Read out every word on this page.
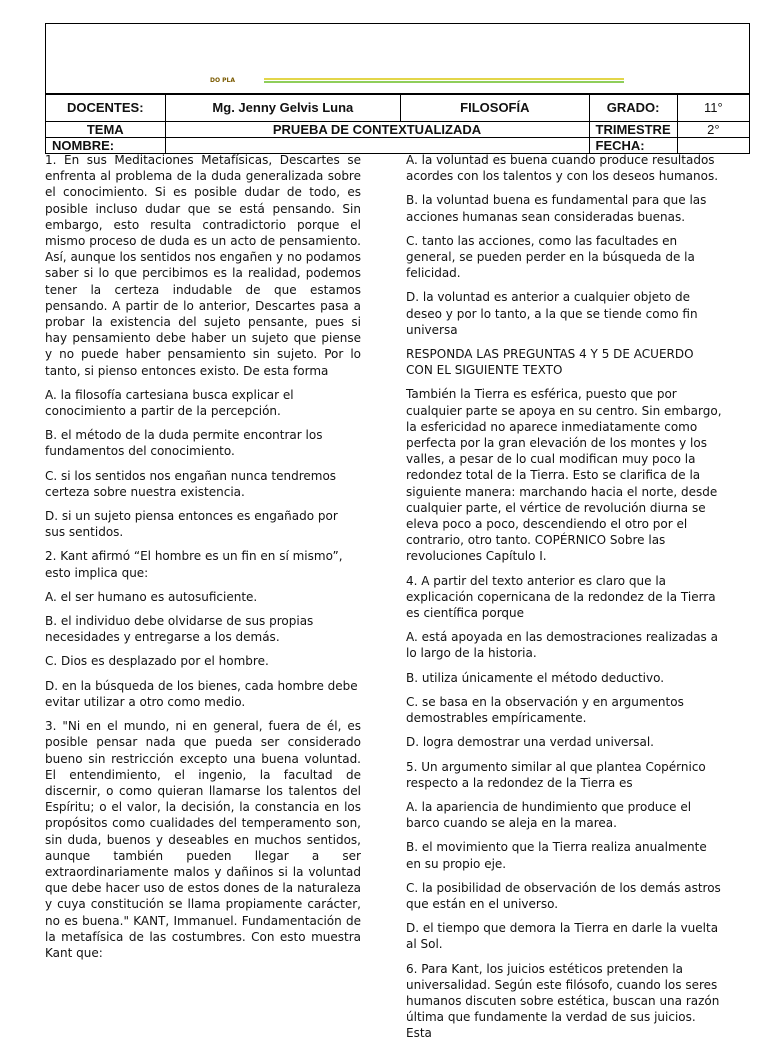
DO PLA
DOCENTES:	Mg. Jenny Gelvis Luna	FILOSOFÍA	GRADO:	11°
TEMA	PRUEBA DE CONTEXTUALIZADA		TRIMESTRE	2°
NOMBRE:			FECHA:	

1. En sus Meditaciones Metafísicas, Descartes se enfrenta al problema de la duda generalizada sobre el conocimiento. Si es posible dudar de todo, es posible incluso dudar que se está pensando. Sin embargo, esto resulta contradictorio porque el mismo proceso de duda es un acto de pensamiento. Así, aunque los sentidos nos engañen y no podamos saber si lo que percibimos es la realidad, podemos tener la certeza indudable de que estamos pensando. A partir de lo anterior, Descartes pasa a probar la existencia del sujeto pensante, pues si hay pensamiento debe haber un sujeto que piense y no puede haber pensamiento sin sujeto. Por lo tanto, si pienso entonces existo. De esta forma

A. la filosofía cartesiana busca explicar el conocimiento a partir de la percepción.

B. el método de la duda permite encontrar los fundamentos del conocimiento.

C. si los sentidos nos engañan nunca tendremos certeza sobre nuestra existencia.

D. si un sujeto piensa entonces es engañado por sus sentidos.

2. Kant afirmó “El hombre es un fin en sí mismo”, esto implica que:

A. el ser humano es autosuficiente.

B. el individuo debe olvidarse de sus propias necesidades y entregarse a los demás.

C. Dios es desplazado por el hombre.

D. en la búsqueda de los bienes, cada hombre debe evitar utilizar a otro como medio.

3. "Ni en el mundo, ni en general, fuera de él, es posible pensar nada que pueda ser considerado bueno sin restricción excepto una buena voluntad. El entendimiento, el ingenio, la facultad de discernir, o como quieran llamarse los talentos del Espíritu; o el valor, la decisión, la constancia en los propósitos como cualidades del temperamento son, sin duda, buenos y deseables en muchos sentidos, aunque también pueden llegar a ser extraordinariamente malos y dañinos si la voluntad que debe hacer uso de estos dones de la naturaleza y cuya constitución se llama propiamente carácter, no es buena." KANT, Immanuel. Fundamentación de la metafísica de las costumbres. Con esto muestra Kant que:

A. la voluntad es buena cuando produce resultados acordes con los talentos y con los deseos humanos.

B. la voluntad buena es fundamental para que las acciones humanas sean consideradas buenas.

C. tanto las acciones, como las facultades en general, se pueden perder en la búsqueda de la felicidad.

D. la voluntad es anterior a cualquier objeto de deseo y por lo tanto, a la que se tiende como fin universa

RESPONDA LAS PREGUNTAS 4 Y 5 DE ACUERDO CON EL SIGUIENTE TEXTO

También la Tierra es esférica, puesto que por cualquier parte se apoya en su centro. Sin embargo, la esfericidad no aparece inmediatamente como perfecta por la gran elevación de los montes y los valles, a pesar de lo cual modifican muy poco la redondez total de la Tierra. Esto se clarifica de la siguiente manera: marchando hacia el norte, desde cualquier parte, el vértice de revolución diurna se eleva poco a poco, descendiendo el otro por el contrario, otro tanto. COPÉRNICO Sobre las revoluciones Capítulo I.

4. A partir del texto anterior es claro que la explicación copernicana de la redondez de la Tierra es científica porque

A. está apoyada en las demostraciones realizadas a lo largo de la historia.

B. utiliza únicamente el método deductivo.

C. se basa en la observación y en argumentos demostrables empíricamente.

D. logra demostrar una verdad universal.

5. Un argumento similar al que plantea Copérnico respecto a la redondez de la Tierra es

A. la apariencia de hundimiento que produce el barco cuando se aleja en la marea.

B. el movimiento que la Tierra realiza anualmente en su propio eje.

C. la posibilidad de observación de los demás astros que están en el universo.

D. el tiempo que demora la Tierra en darle la vuelta al Sol.

6. Para Kant, los juicios estéticos pretenden la universalidad. Según este filósofo, cuando los seres humanos discuten sobre estética, buscan una razón última que fundamente la verdad de sus juicios. Esta
